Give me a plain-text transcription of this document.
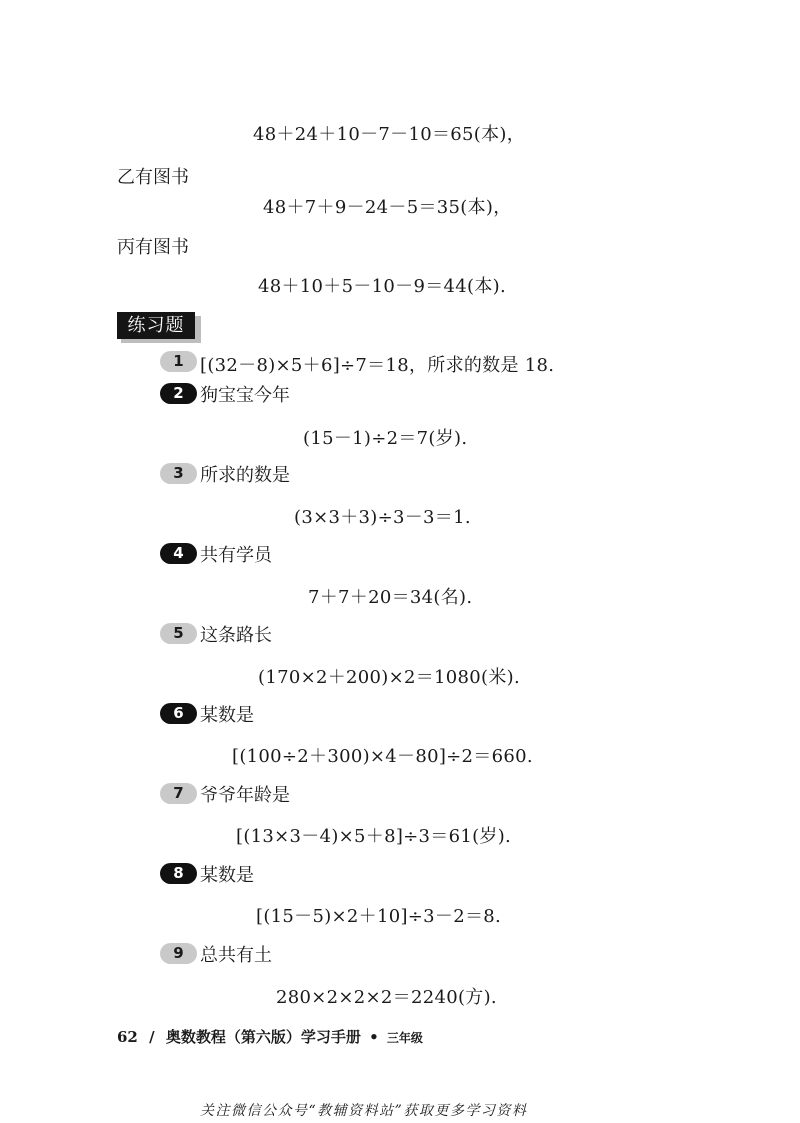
48＋24＋10－7－10＝65(本)，
乙有图书
48＋7＋9－24－5＝35(本)，
丙有图书
48＋10＋5－10－9＝44(本).
练习题
1 [(32－8)×5＋6]÷7＝18，所求的数是 18.
2 狗宝宝今年
(15－1)÷2＝7(岁).
3 所求的数是
(3×3＋3)÷3－3＝1.
4 共有学员
7＋7＋20＝34(名).
5 这条路长
(170×2＋200)×2＝1080(米).
6 某数是
[(100÷2＋300)×4－80]÷2＝660.
7 爷爷年龄是
[(13×3－4)×5＋8]÷3＝61(岁).
8 某数是
[(15－5)×2＋10]÷3－2＝8.
9 总共有土
280×2×2×2＝2240(方).
62 / 奥数教程（第六版）学习手册 • 三年级
关注微信公众号“教辅资料站”获取更多学习资料
